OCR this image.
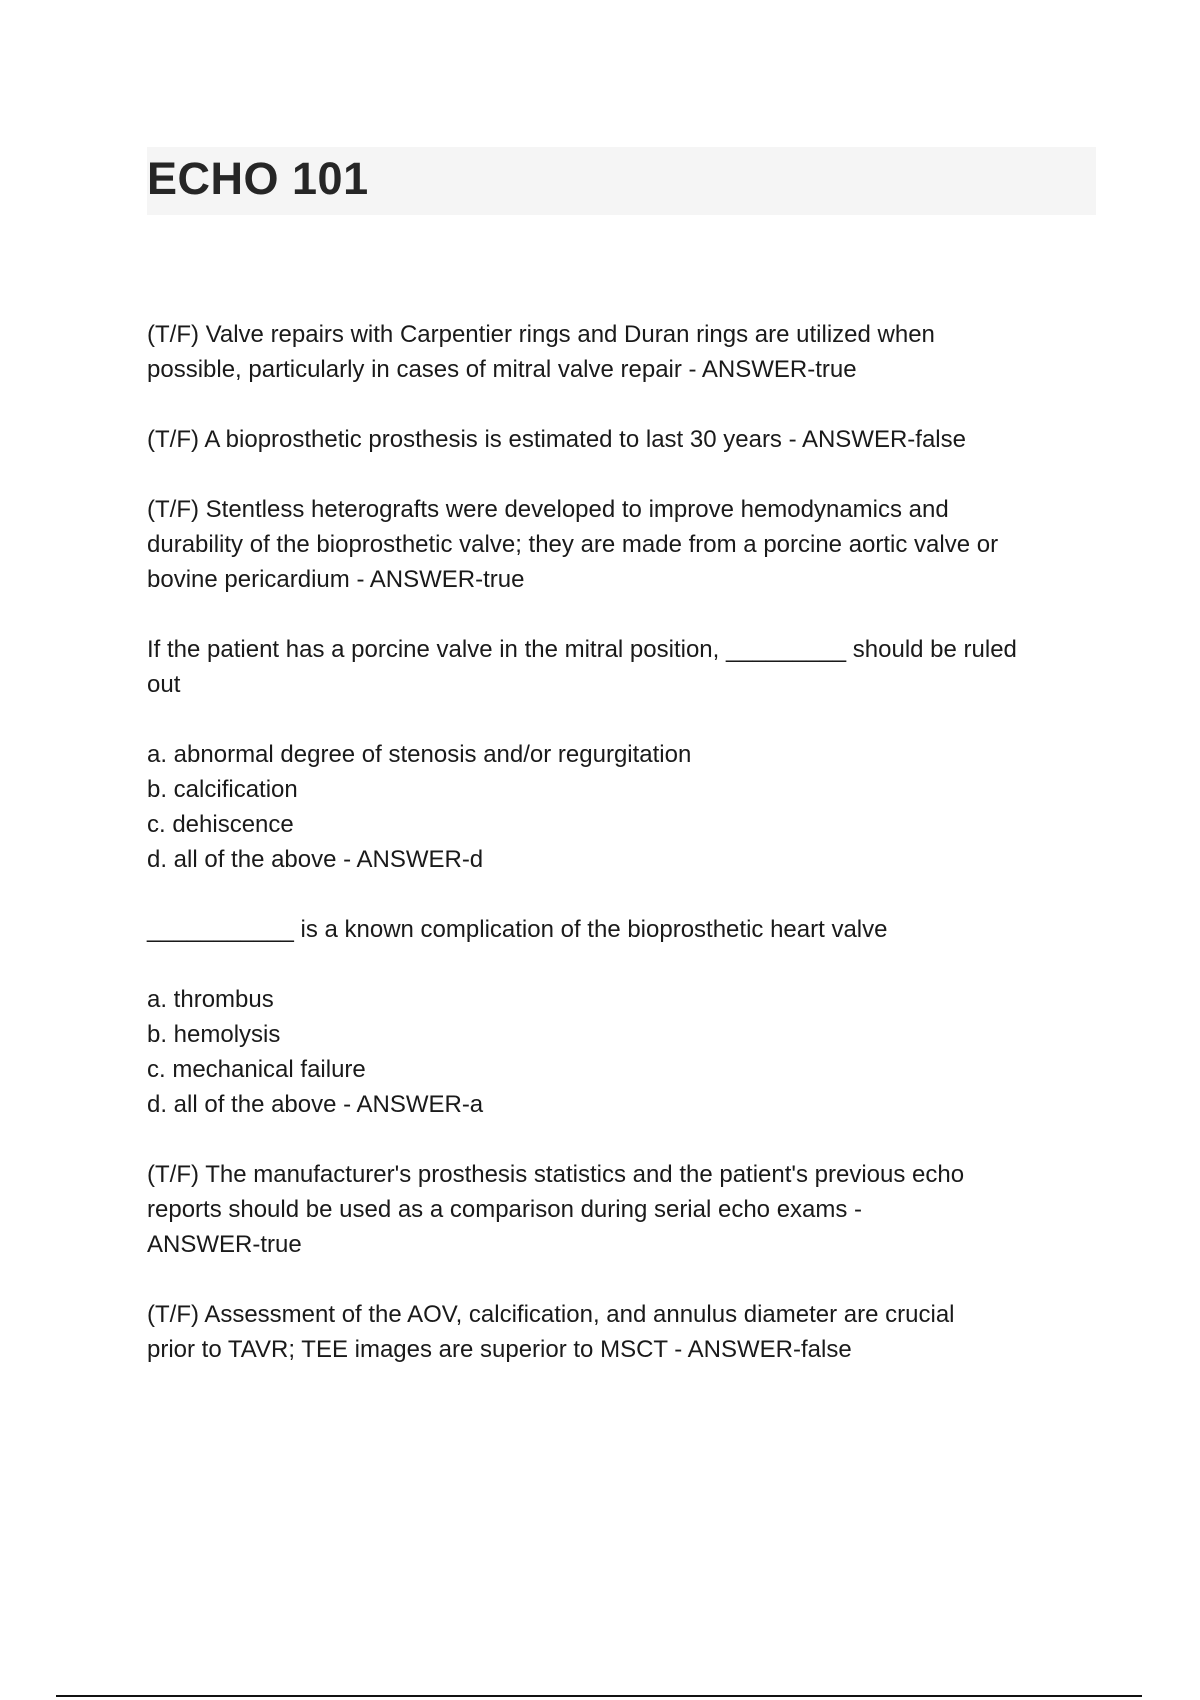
ECHO 101
(T/F) Valve repairs with Carpentier rings and Duran rings are utilized when
possible, particularly in cases of mitral valve repair - ANSWER-true
(T/F) A bioprosthetic prosthesis is estimated to last 30 years - ANSWER-false
(T/F) Stentless heterografts were developed to improve hemodynamics and
durability of the bioprosthetic valve; they are made from a porcine aortic valve or
bovine pericardium - ANSWER-true
If the patient has a porcine valve in the mitral position, _________ should be ruled
out
a. abnormal degree of stenosis and/or regurgitation
b. calcification
c. dehiscence
d. all of the above - ANSWER-d
___________ is a known complication of the bioprosthetic heart valve
a. thrombus
b. hemolysis
c. mechanical failure
d. all of the above - ANSWER-a
(T/F) The manufacturer's prosthesis statistics and the patient's previous echo
reports should be used as a comparison during serial echo exams -
ANSWER-true
(T/F) Assessment of the AOV, calcification, and annulus diameter are crucial
prior to TAVR; TEE images are superior to MSCT - ANSWER-false
